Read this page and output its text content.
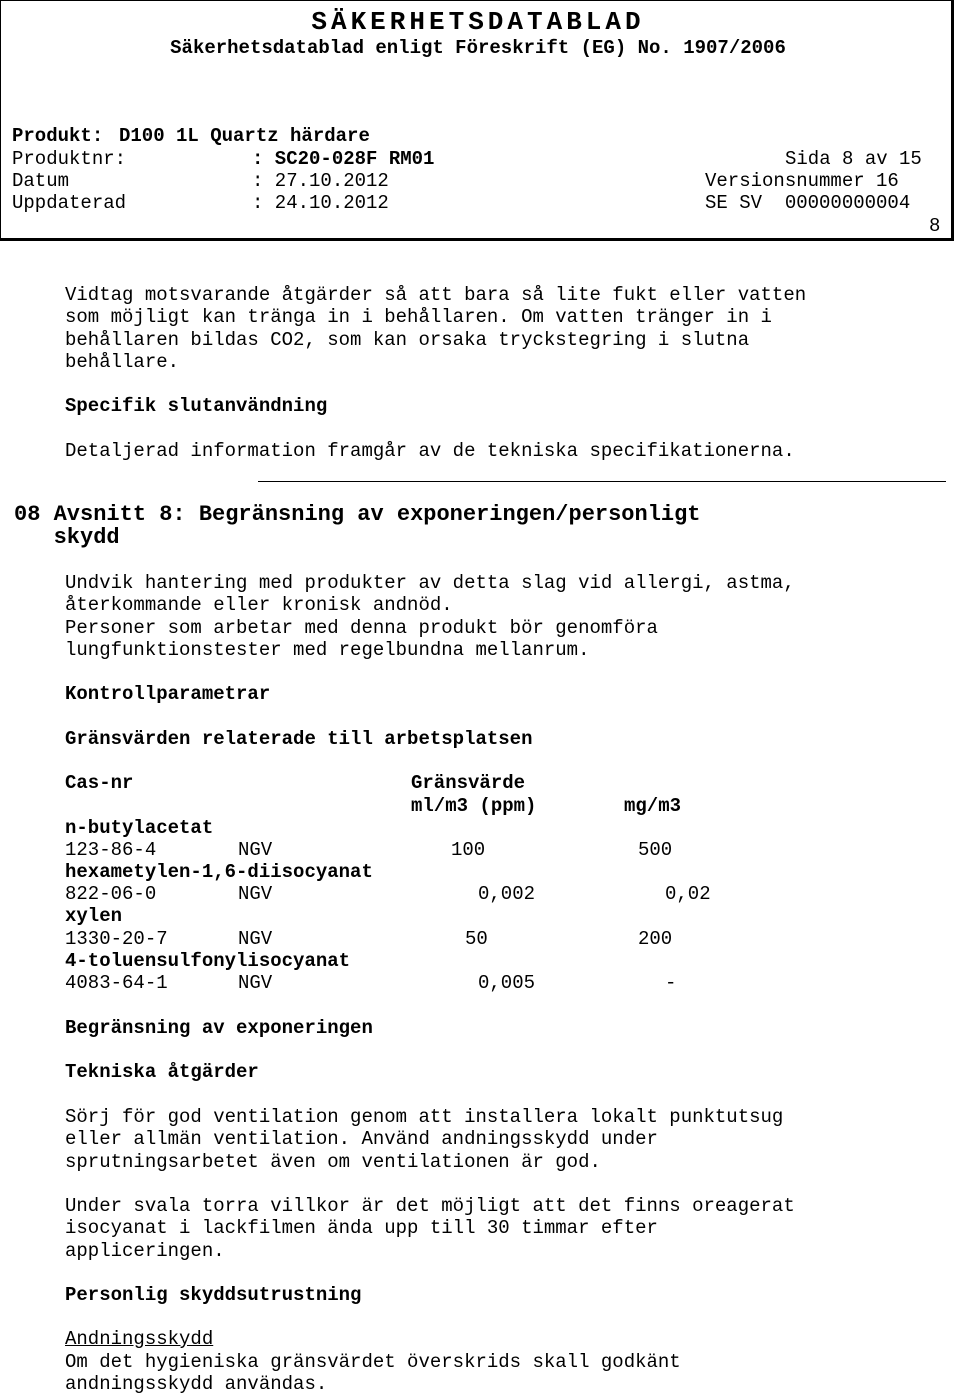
SÄKERHETSDATABLAD
Säkerhetsdatablad enligt Föreskrift (EG) No. 1907/2006
Produkt: D100 1L Quartz härdare
Produktnr:	: SC20-028F RM01	Sida 8 av 15
Datum	: 27.10.2012	Versionsnummer 16
Uppdaterad	: 24.10.2012	SE SV  00000000004
8
Vidtag motsvarande åtgärder så att bara så lite fukt eller vatten
som möjligt kan tränga in i behållaren. Om vatten tränger in i
behållaren bildas CO2, som kan orsaka tryckstegring i slutna
behållare.
Specifik slutanvändning
Detaljerad information framgår av de tekniska specifikationerna.
08 Avsnitt 8: Begränsning av exponeringen/personligt
skydd
Undvik hantering med produkter av detta slag vid allergi, astma,
återkommande eller kronisk andnöd.
Personer som arbetar med denna produkt bör genomföra
lungfunktionstester med regelbundna mellanrum.
Kontrollparametrar
Gränsvärden relaterade till arbetsplatsen
Cas-nr	Gränsvärde
ml/m3 (ppm)	mg/m3
n-butylacetat
123-86-4	NGV	100	500
hexametylen-1,6-diisocyanat
822-06-0	NGV	0,002	0,02
xylen
1330-20-7	NGV	50	200
4-toluensulfonylisocyanat
4083-64-1	NGV	0,005	-
Begränsning av exponeringen
Tekniska åtgärder
Sörj för god ventilation genom att installera lokalt punktutsug
eller allmän ventilation. Använd andningsskydd under
sprutningsarbetet även om ventilationen är god.
Under svala torra villkor är det möjligt att det finns oreagerat
isocyanat i lackfilmen ända upp till 30 timmar efter
appliceringen.
Personlig skyddsutrustning
Andningsskydd
Om det hygieniska gränsvärdet överskrids skall godkänt
andningsskydd användas.
